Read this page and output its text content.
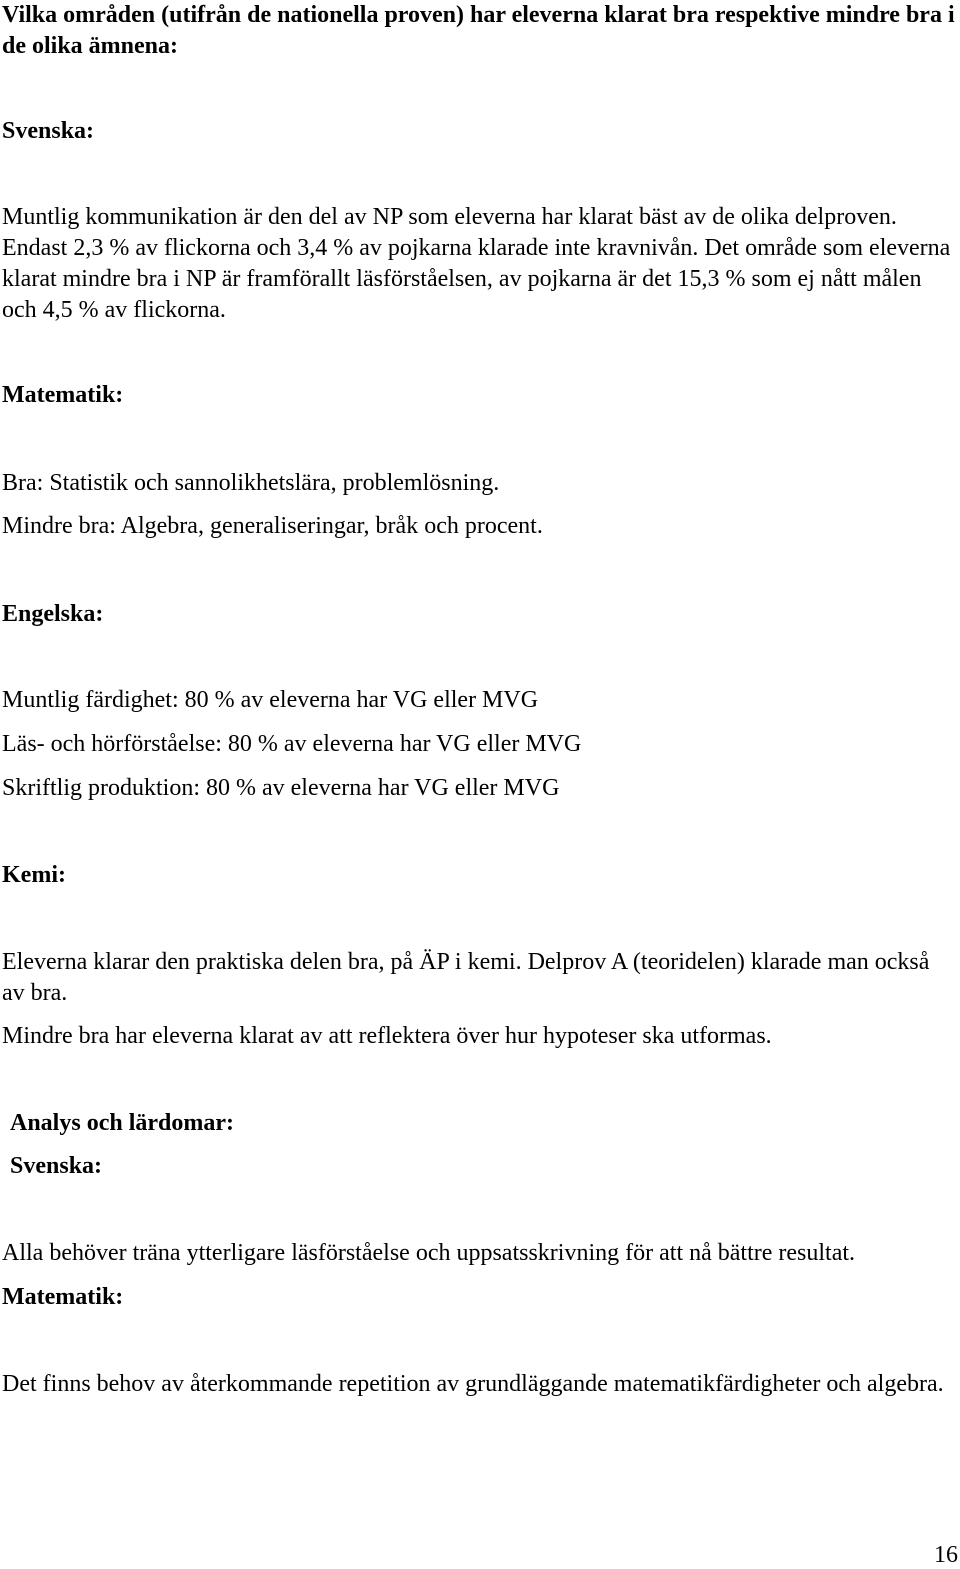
Vilka områden (utifrån de nationella proven) har eleverna klarat bra respektive mindre bra i de olika ämnena:

Svenska:

Muntlig kommunikation är den del av NP som eleverna har klarat bäst av de olika delproven. Endast 2,3 % av flickorna och 3,4 % av pojkarna klarade inte kravnivån. Det område som eleverna klarat mindre bra i NP är framförallt läsförståelsen, av pojkarna är det 15,3 % som ej nått målen och 4,5 % av flickorna.

Matematik:

Bra: Statistik och sannolikhetslära, problemlösning.

Mindre bra: Algebra, generaliseringar, bråk och procent.

Engelska:

Muntlig färdighet: 80 % av eleverna har VG eller MVG

Läs- och hörförståelse: 80 % av eleverna har VG eller MVG

Skriftlig produktion: 80 % av eleverna har VG eller MVG

Kemi:

Eleverna klarar den praktiska delen bra, på ÄP i kemi. Delprov A (teoridelen) klarade man också av bra.

Mindre bra har eleverna klarat av att reflektera över hur hypoteser ska utformas.

Analys och lärdomar:

Svenska:

Alla behöver träna ytterligare läsförståelse och uppsatsskrivning för att nå bättre resultat.

Matematik:

Det finns behov av återkommande repetition av grundläggande matematikfärdigheter och algebra.

16
